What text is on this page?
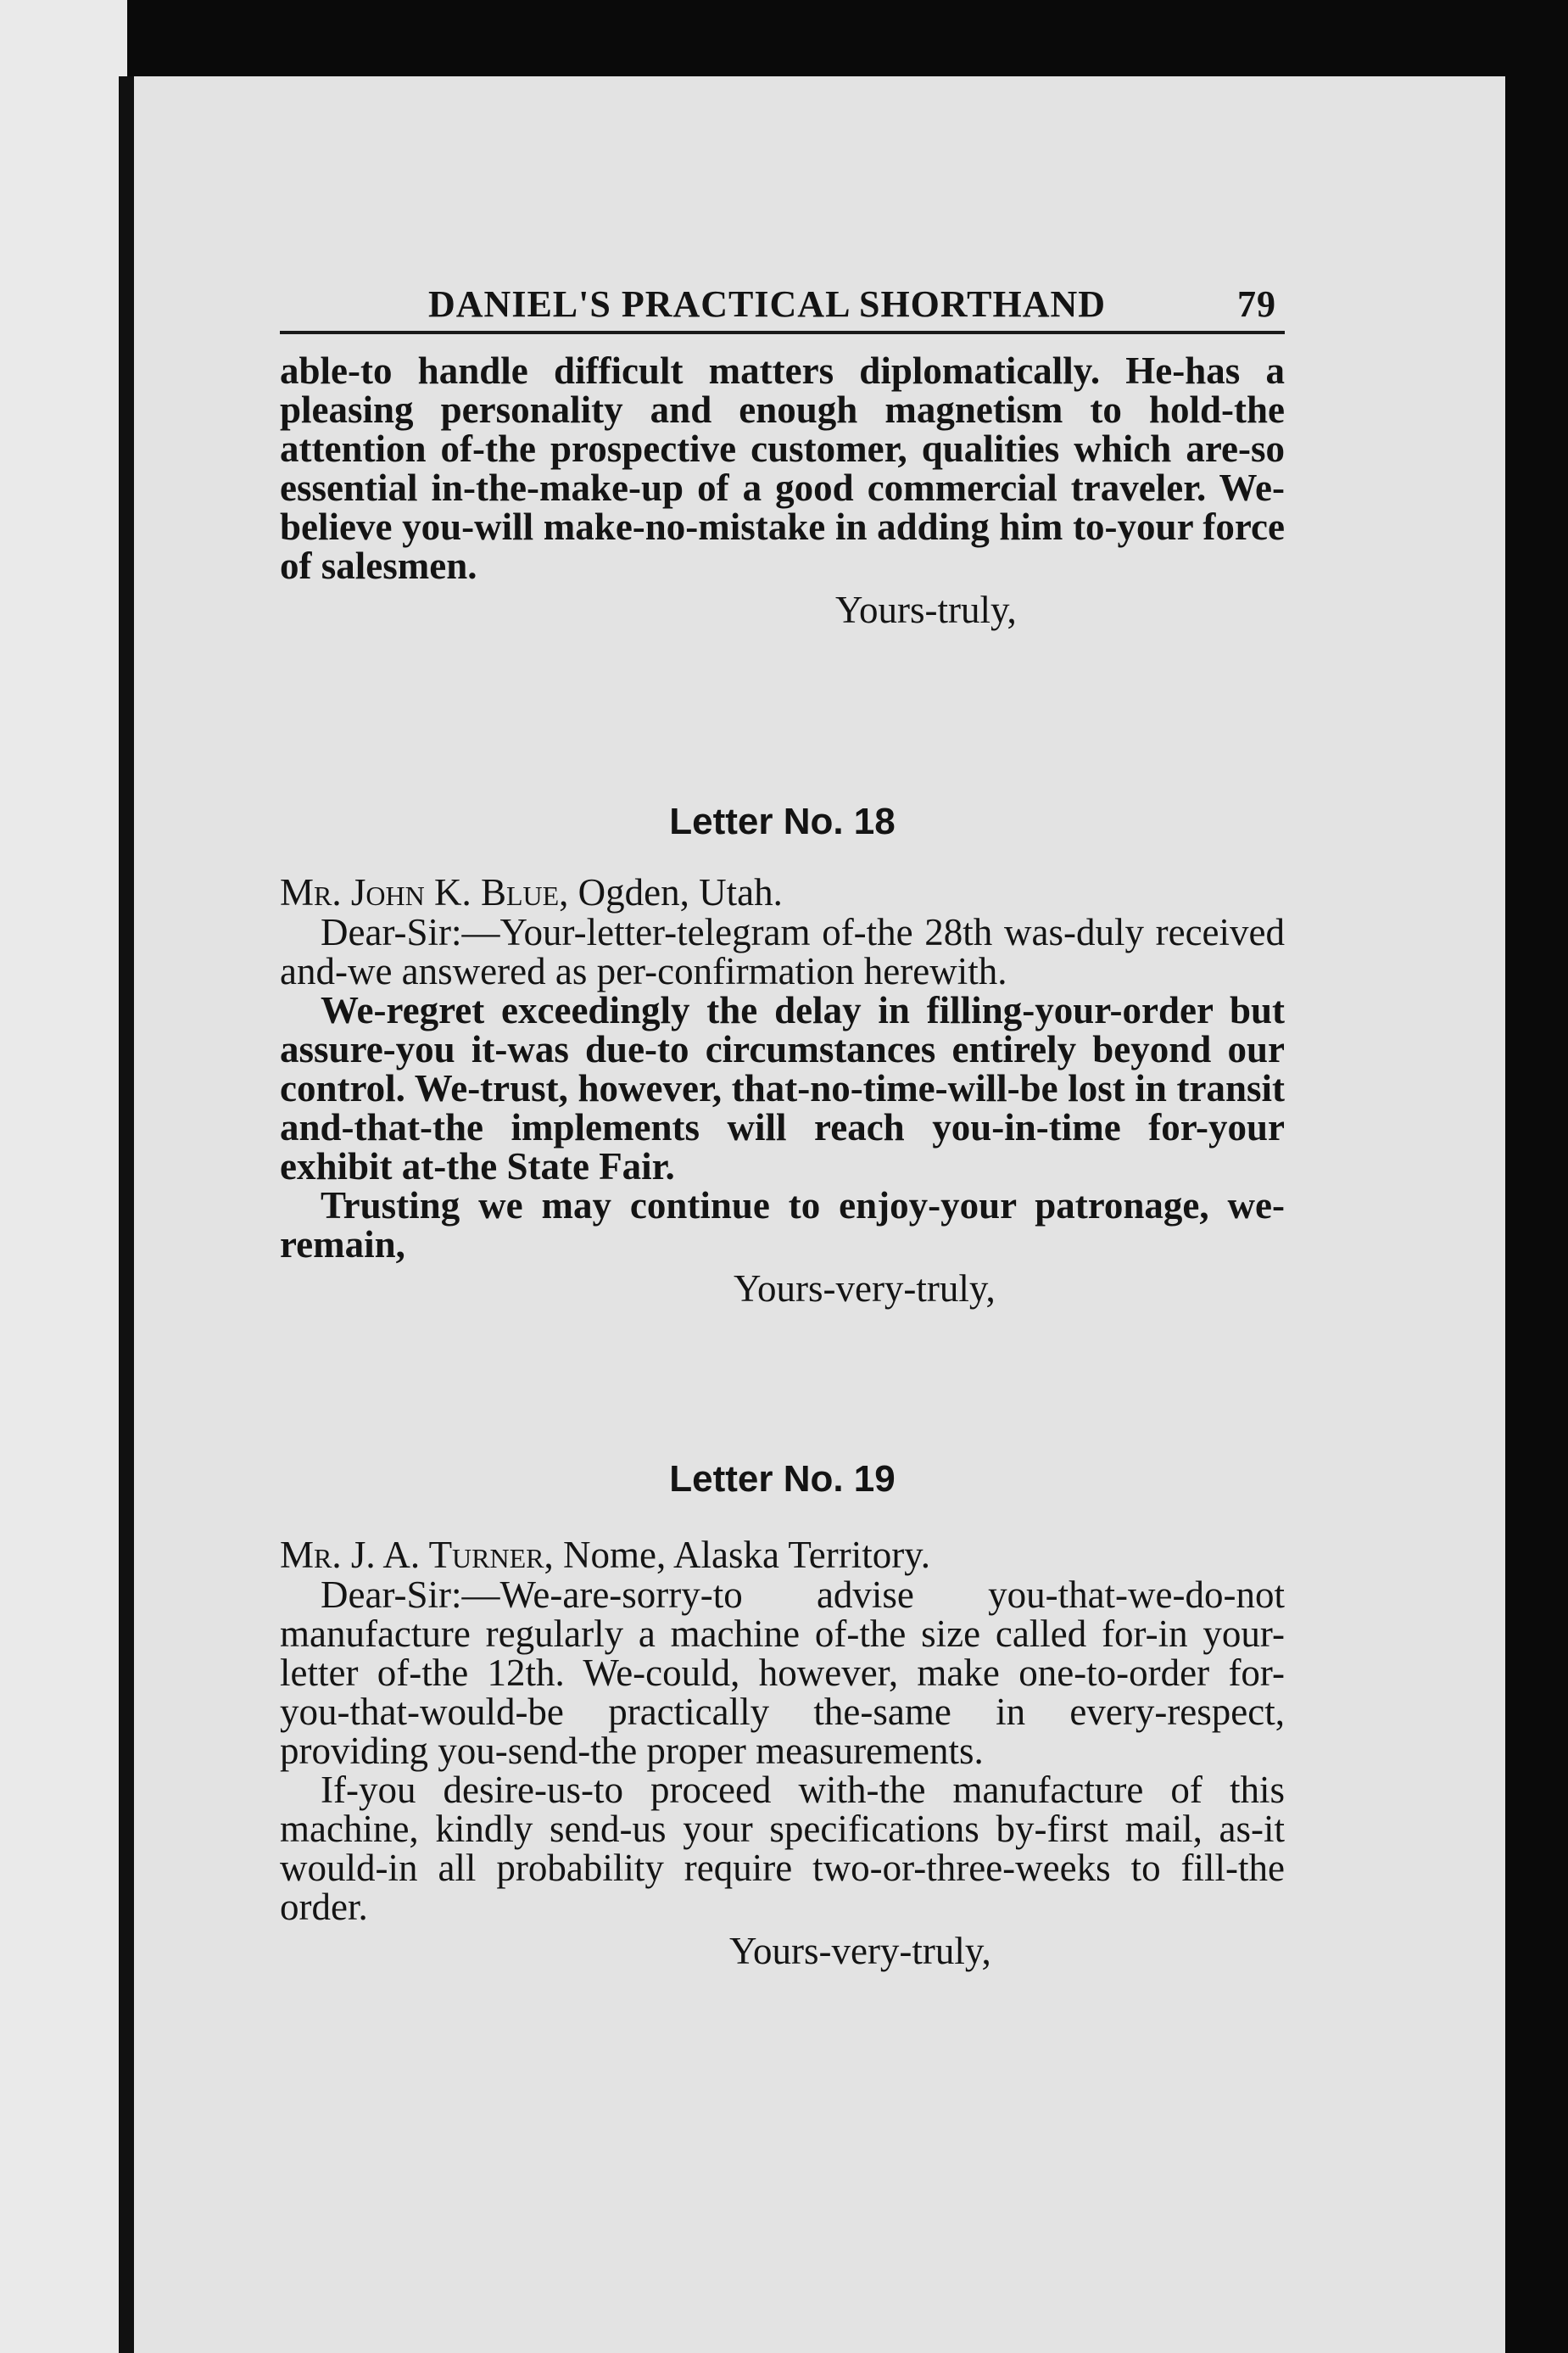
DANIEL'S PRACTICAL SHORTHAND	79

able-to handle difficult matters diplomatically. He-has a pleasing personality and enough magnetism to hold-the attention of-the prospective customer, qualities which are-so essential in-the-make-up of a good commercial traveler. We-believe you-will make-no-mistake in adding him to-your force of salesmen.

Yours-truly,
Letter No. 18
Mr. John K. Blue, Ogden, Utah.

Dear-Sir:—Your-letter-telegram of-the 28th was-duly received and-we answered as per-confirmation herewith.

We-regret exceedingly the delay in filling-your-order but assure-you it-was due-to circumstances entirely beyond our control. We-trust, however, that-no-time-will-be lost in transit and-that-the implements will reach you-in-time for-your exhibit at-the State Fair.

Trusting we may continue to enjoy-your patronage, we-remain,

Yours-very-truly,
Letter No. 19
Mr. J. A. Turner, Nome, Alaska Territory.

Dear-Sir:—We-are-sorry-to advise you-that-we-do-not manufacture regularly a machine of-the size called for-in your-letter of-the 12th. We-could, however, make one-to-order for-you-that-would-be practically the-same in every-respect, providing you-send-the proper measurements.

If-you desire-us-to proceed with-the manufacture of this machine, kindly send-us your specifications by-first mail, as-it would-in all probability require two-or-three-weeks to fill-the order.

Yours-very-truly,
